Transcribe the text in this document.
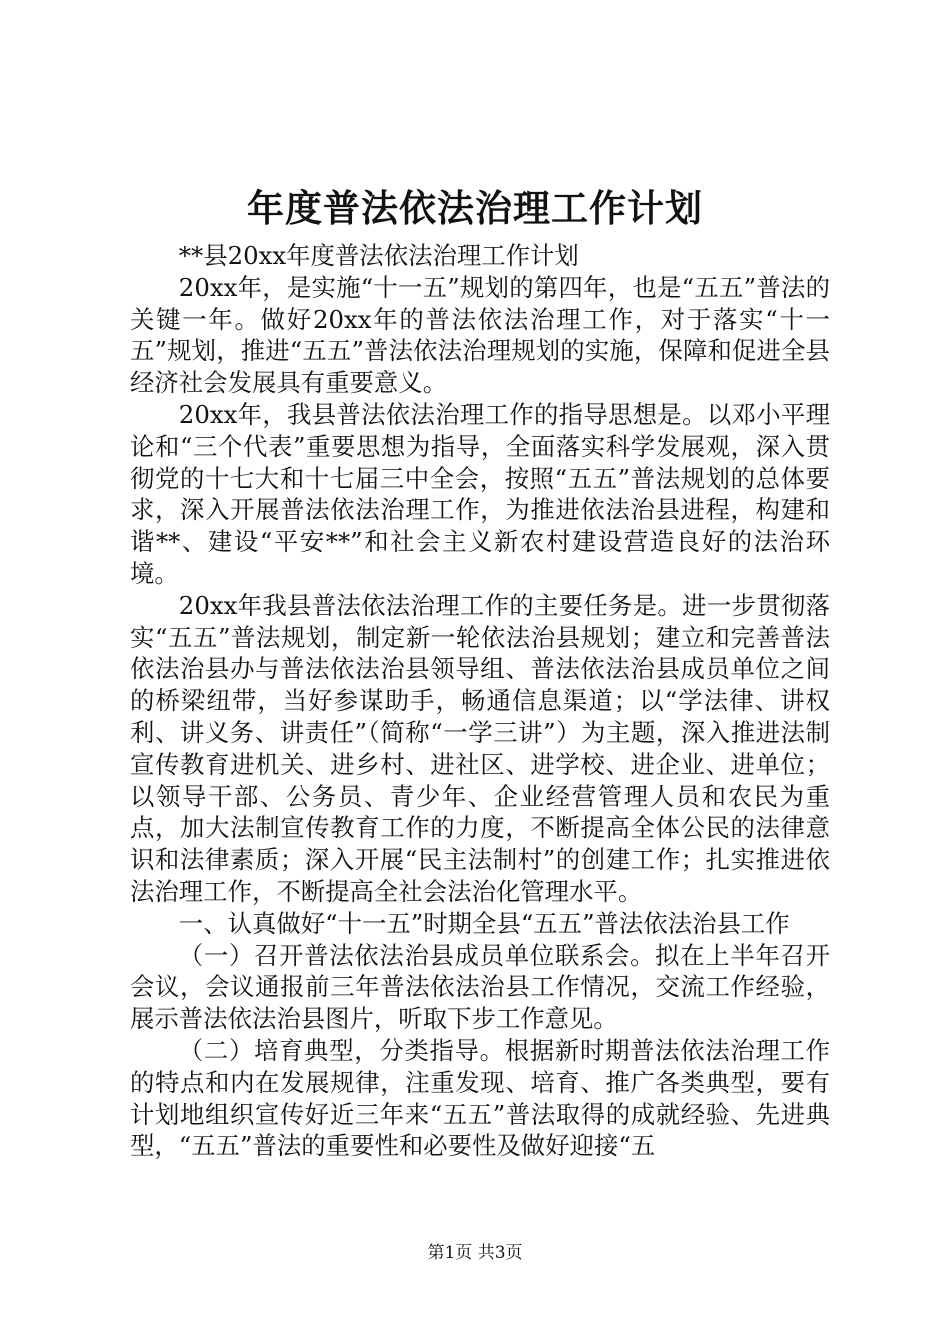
年度普法依法治理工作计划

**县20xx年度普法依法治理工作计划

20xx年，是实施“十一五”规划的第四年，也是“五五”普法的关键一年。做好20xx年的普法依法治理工作，对于落实“十一五”规划，推进“五五”普法依法治理规划的实施，保障和促进全县经济社会发展具有重要意义。

20xx年，我县普法依法治理工作的指导思想是。以邓小平理论和“三个代表”重要思想为指导，全面落实科学发展观，深入贯彻党的十七大和十七届三中全会，按照“五五”普法规划的总体要求，深入开展普法依法治理工作，为推进依法治县进程，构建和谐**、建设“平安**”和社会主义新农村建设营造良好的法治环境。

20xx年我县普法依法治理工作的主要任务是。进一步贯彻落实“五五”普法规划，制定新一轮依法治县规划；建立和完善普法依法治县办与普法依法治县领导组、普法依法治县成员单位之间的桥梁纽带，当好参谋助手，畅通信息渠道；以“学法律、讲权利、讲义务、讲责任”（简称“一学三讲”）为主题，深入推进法制宣传教育进机关、进乡村、进社区、进学校、进企业、进单位；以领导干部、公务员、青少年、企业经营管理人员和农民为重点，加大法制宣传教育工作的力度，不断提高全体公民的法律意识和法律素质；深入开展“民主法制村”的创建工作；扎实推进依法治理工作，不断提高全社会法治化管理水平。

一、认真做好“十一五”时期全县“五五”普法依法治县工作

（一）召开普法依法治县成员单位联系会。拟在上半年召开会议，会议通报前三年普法依法治县工作情况，交流工作经验，展示普法依法治县图片，听取下步工作意见。

（二）培育典型，分类指导。根据新时期普法依法治理工作的特点和内在发展规律，注重发现、培育、推广各类典型，要有计划地组织宣传好近三年来“五五”普法取得的成就经验、先进典型，“五五”普法的重要性和必要性及做好迎接“五

第1页 共3页
